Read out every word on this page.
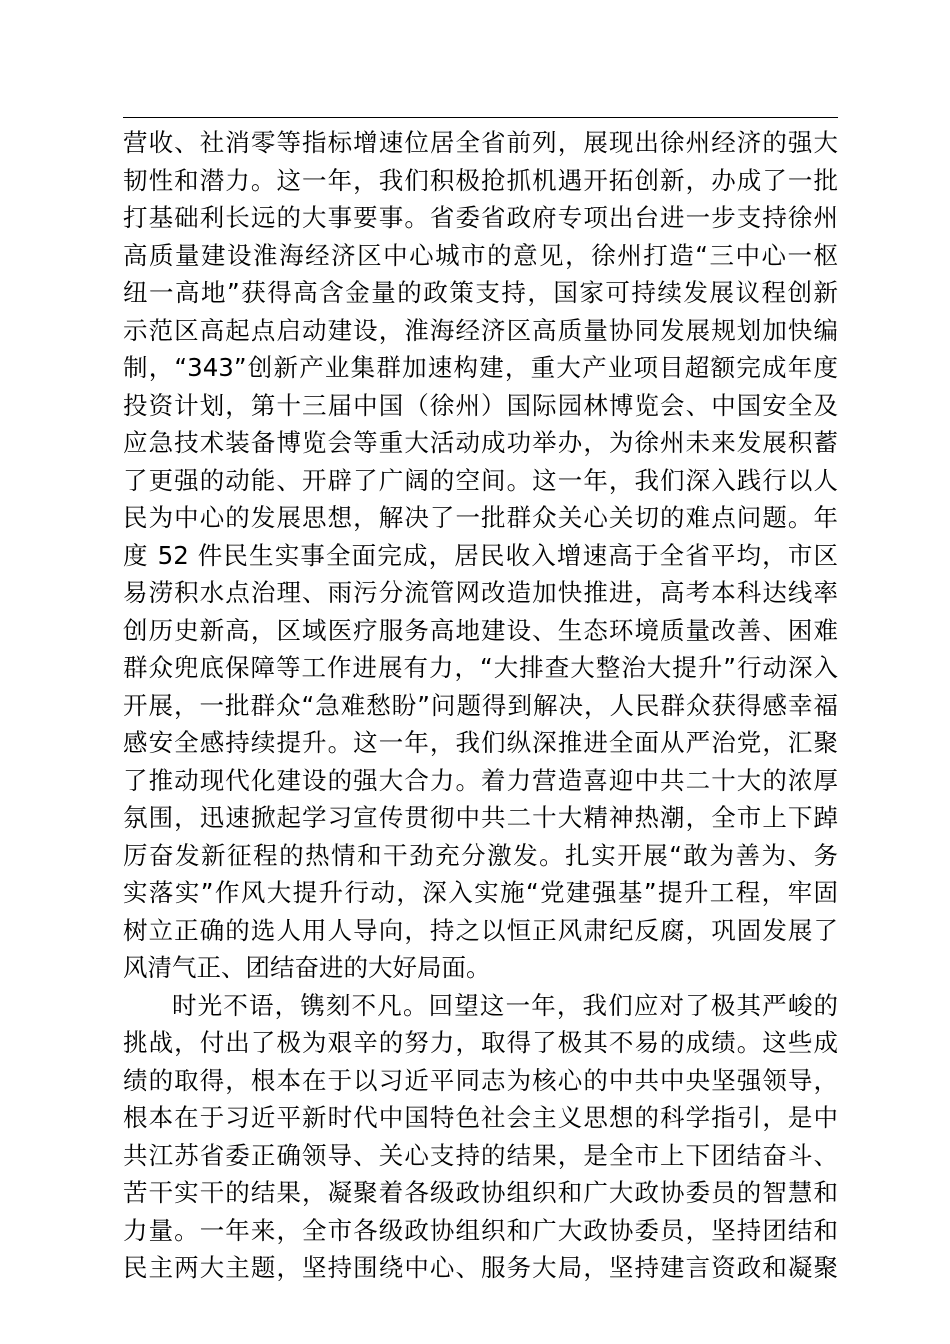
营收、社消零等指标增速位居全省前列，展现出徐州经济的强大
韧性和潜力。这一年，我们积极抢抓机遇开拓创新，办成了一批
打基础利长远的大事要事。省委省政府专项出台进一步支持徐州
高质量建设淮海经济区中心城市的意见，徐州打造“三中心一枢
纽一高地”获得高含金量的政策支持，国家可持续发展议程创新
示范区高起点启动建设，淮海经济区高质量协同发展规划加快编
制，“343”创新产业集群加速构建，重大产业项目超额完成年度
投资计划，第十三届中国（徐州）国际园林博览会、中国安全及
应急技术装备博览会等重大活动成功举办，为徐州未来发展积蓄
了更强的动能、开辟了广阔的空间。这一年，我们深入践行以人
民为中心的发展思想，解决了一批群众关心关切的难点问题。年
度 52 件民生实事全面完成，居民收入增速高于全省平均，市区
易涝积水点治理、雨污分流管网改造加快推进，高考本科达线率
创历史新高，区域医疗服务高地建设、生态环境质量改善、困难
群众兜底保障等工作进展有力，“大排查大整治大提升”行动深入
开展，一批群众“急难愁盼”问题得到解决，人民群众获得感幸福
感安全感持续提升。这一年，我们纵深推进全面从严治党，汇聚
了推动现代化建设的强大合力。着力营造喜迎中共二十大的浓厚
氛围，迅速掀起学习宣传贯彻中共二十大精神热潮，全市上下踔
厉奋发新征程的热情和干劲充分激发。扎实开展“敢为善为、务
实落实”作风大提升行动，深入实施“党建强基”提升工程，牢固
树立正确的选人用人导向，持之以恒正风肃纪反腐，巩固发展了
风清气正、团结奋进的大好局面。
时光不语，镌刻不凡。回望这一年，我们应对了极其严峻的
挑战，付出了极为艰辛的努力，取得了极其不易的成绩。这些成
绩的取得，根本在于以习近平同志为核心的中共中央坚强领导，
根本在于习近平新时代中国特色社会主义思想的科学指引，是中
共江苏省委正确领导、关心支持的结果，是全市上下团结奋斗、
苦干实干的结果，凝聚着各级政协组织和广大政协委员的智慧和
力量。一年来，全市各级政协组织和广大政协委员，坚持团结和
民主两大主题，坚持围绕中心、服务大局，坚持建言资政和凝聚
